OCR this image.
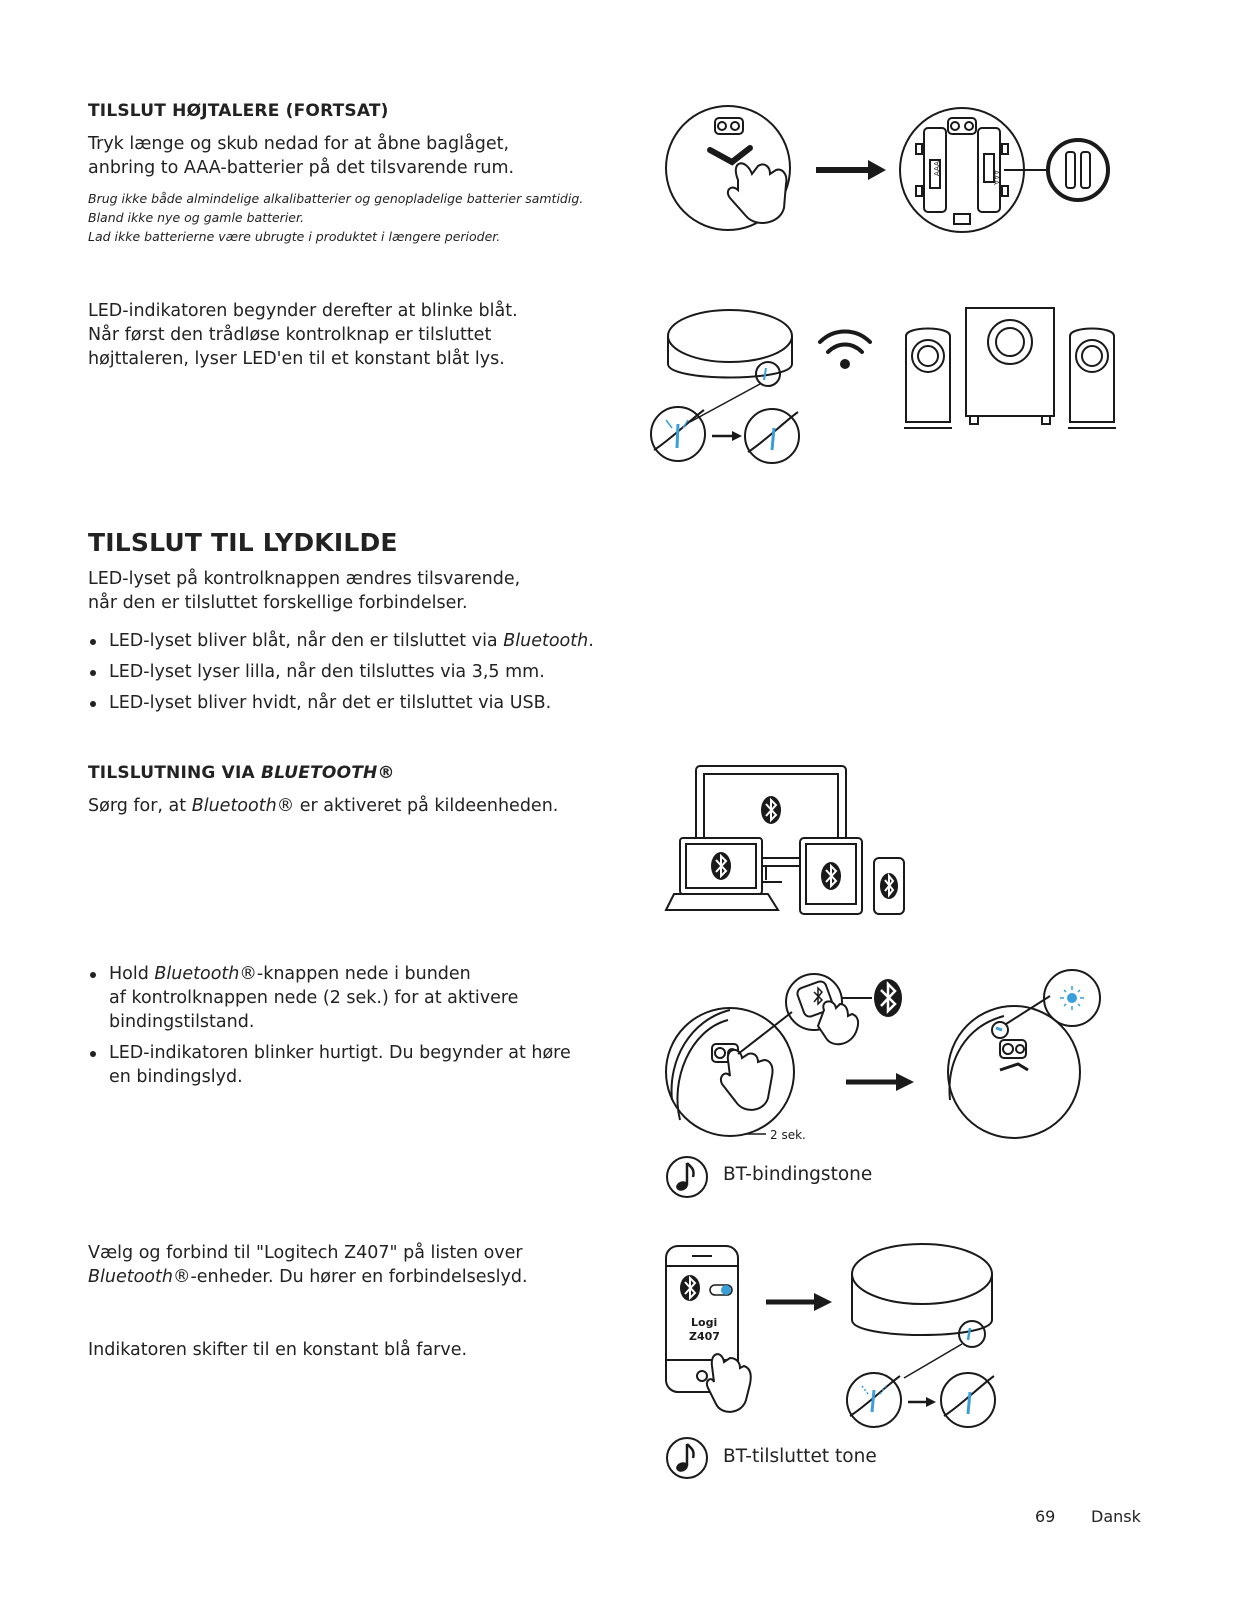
TILSLUT HØJTALERE (FORTSAT)
Tryk længe og skub nedad for at åbne baglåget,
anbring to AAA-batterier på det tilsvarende rum.
Brug ikke både almindelige alkalibatterier og genopladelige batterier samtidig.
Bland ikke nye og gamle batterier.
Lad ikke batterierne være ubrugte i produktet i længere perioder.
AAA
AAA
LED-indikatoren begynder derefter at blinke blåt.
Når først den trådløse kontrolknap er tilsluttet
højttaleren, lyser LED'en til et konstant blåt lys.
TILSLUT TIL LYDKILDE
LED-lyset på kontrolknappen ændres tilsvarende,
når den er tilsluttet forskellige forbindelser.
LED-lyset bliver blåt, når den er tilsluttet via Bluetooth.
LED-lyset lyser lilla, når den tilsluttes via 3,5 mm.
LED-lyset bliver hvidt, når det er tilsluttet via USB.
TILSLUTNING VIA BLUETOOTH®
Sørg for, at Bluetooth® er aktiveret på kildeenheden.
Hold Bluetooth®-knappen nede i bunden
af kontrolknappen nede (2 sek.) for at aktivere
bindingstilstand.
LED-indikatoren blinker hurtigt. Du begynder at høre
en bindingslyd.
2 sek.
BT-bindingstone
Vælg og forbind til "Logitech Z407" på listen over
Bluetooth®-enheder. Du hører en forbindelseslyd.
Indikatoren skifter til en konstant blå farve.
Logi
Z407
BT-tilsluttet tone
69 Dansk
